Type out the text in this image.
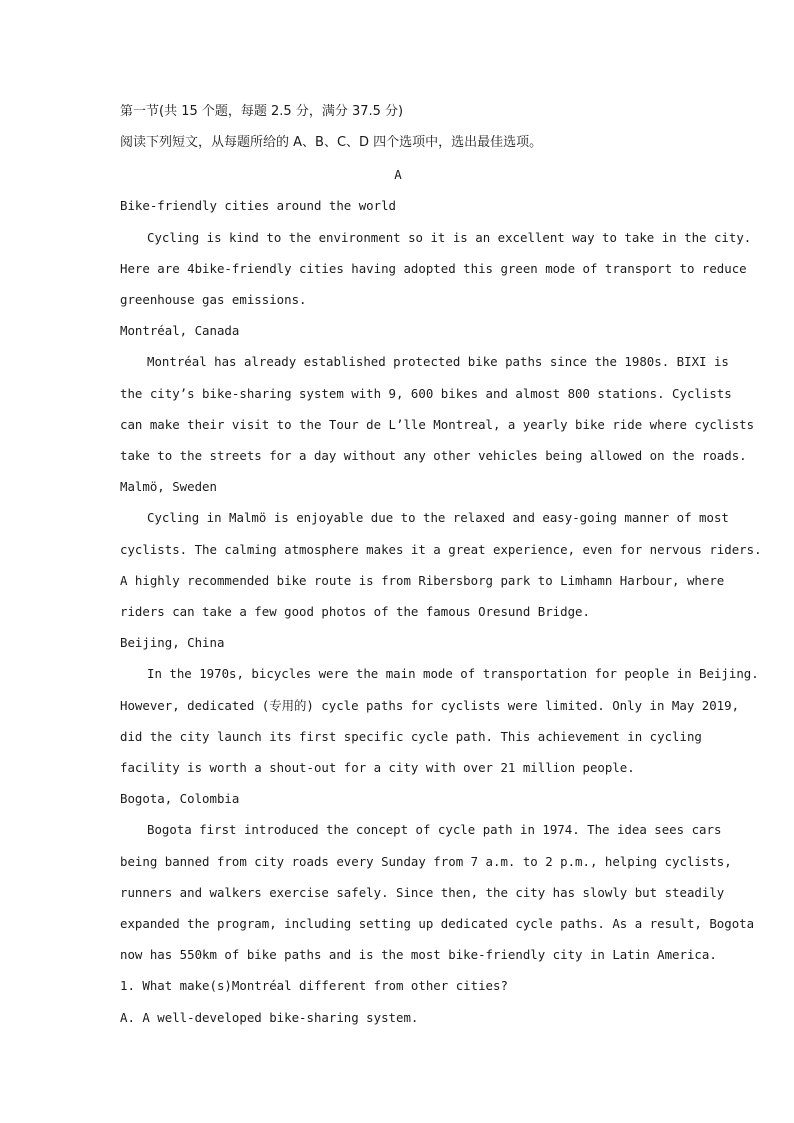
第一节(共 15 个题，每题 2.5 分，满分 37.5 分)
阅读下列短文，从每题所给的 A、B、C、D 四个选项中，选出最佳选项。
A
Bike-friendly cities around the world
Cycling is kind to the environment so it is an excellent way to take in the city.
Here are 4bike-friendly cities having adopted this green mode of transport to reduce
greenhouse gas emissions.
Montréal, Canada
Montréal has already established protected bike paths since the 1980s. BIXI is
the city’s bike-sharing system with 9, 600 bikes and almost 800 stations. Cyclists
can make their visit to the Tour de L’lle Montreal, a yearly bike ride where cyclists
take to the streets for a day without any other vehicles being allowed on the roads.
Malmö, Sweden
Cycling in Malmö is enjoyable due to the relaxed and easy-going manner of most
cyclists. The calming atmosphere makes it a great experience, even for nervous riders.
A highly recommended bike route is from Ribersborg park to Limhamn Harbour, where
riders can take a few good photos of the famous Oresund Bridge.
Beijing, China
In the 1970s, bicycles were the main mode of transportation for people in Beijing.
However, dedicated (专用的) cycle paths for cyclists were limited. Only in May 2019,
did the city launch its first specific cycle path. This achievement in cycling
facility is worth a shout-out for a city with over 21 million people.
Bogota, Colombia
Bogota first introduced the concept of cycle path in 1974. The idea sees cars
being banned from city roads every Sunday from 7 a.m. to 2 p.m., helping cyclists,
runners and walkers exercise safely. Since then, the city has slowly but steadily
expanded the program, including setting up dedicated cycle paths. As a result, Bogota
now has 550km of bike paths and is the most bike-friendly city in Latin America.
1. What make(s)Montréal different from other cities?
A. A well-developed bike-sharing system.
